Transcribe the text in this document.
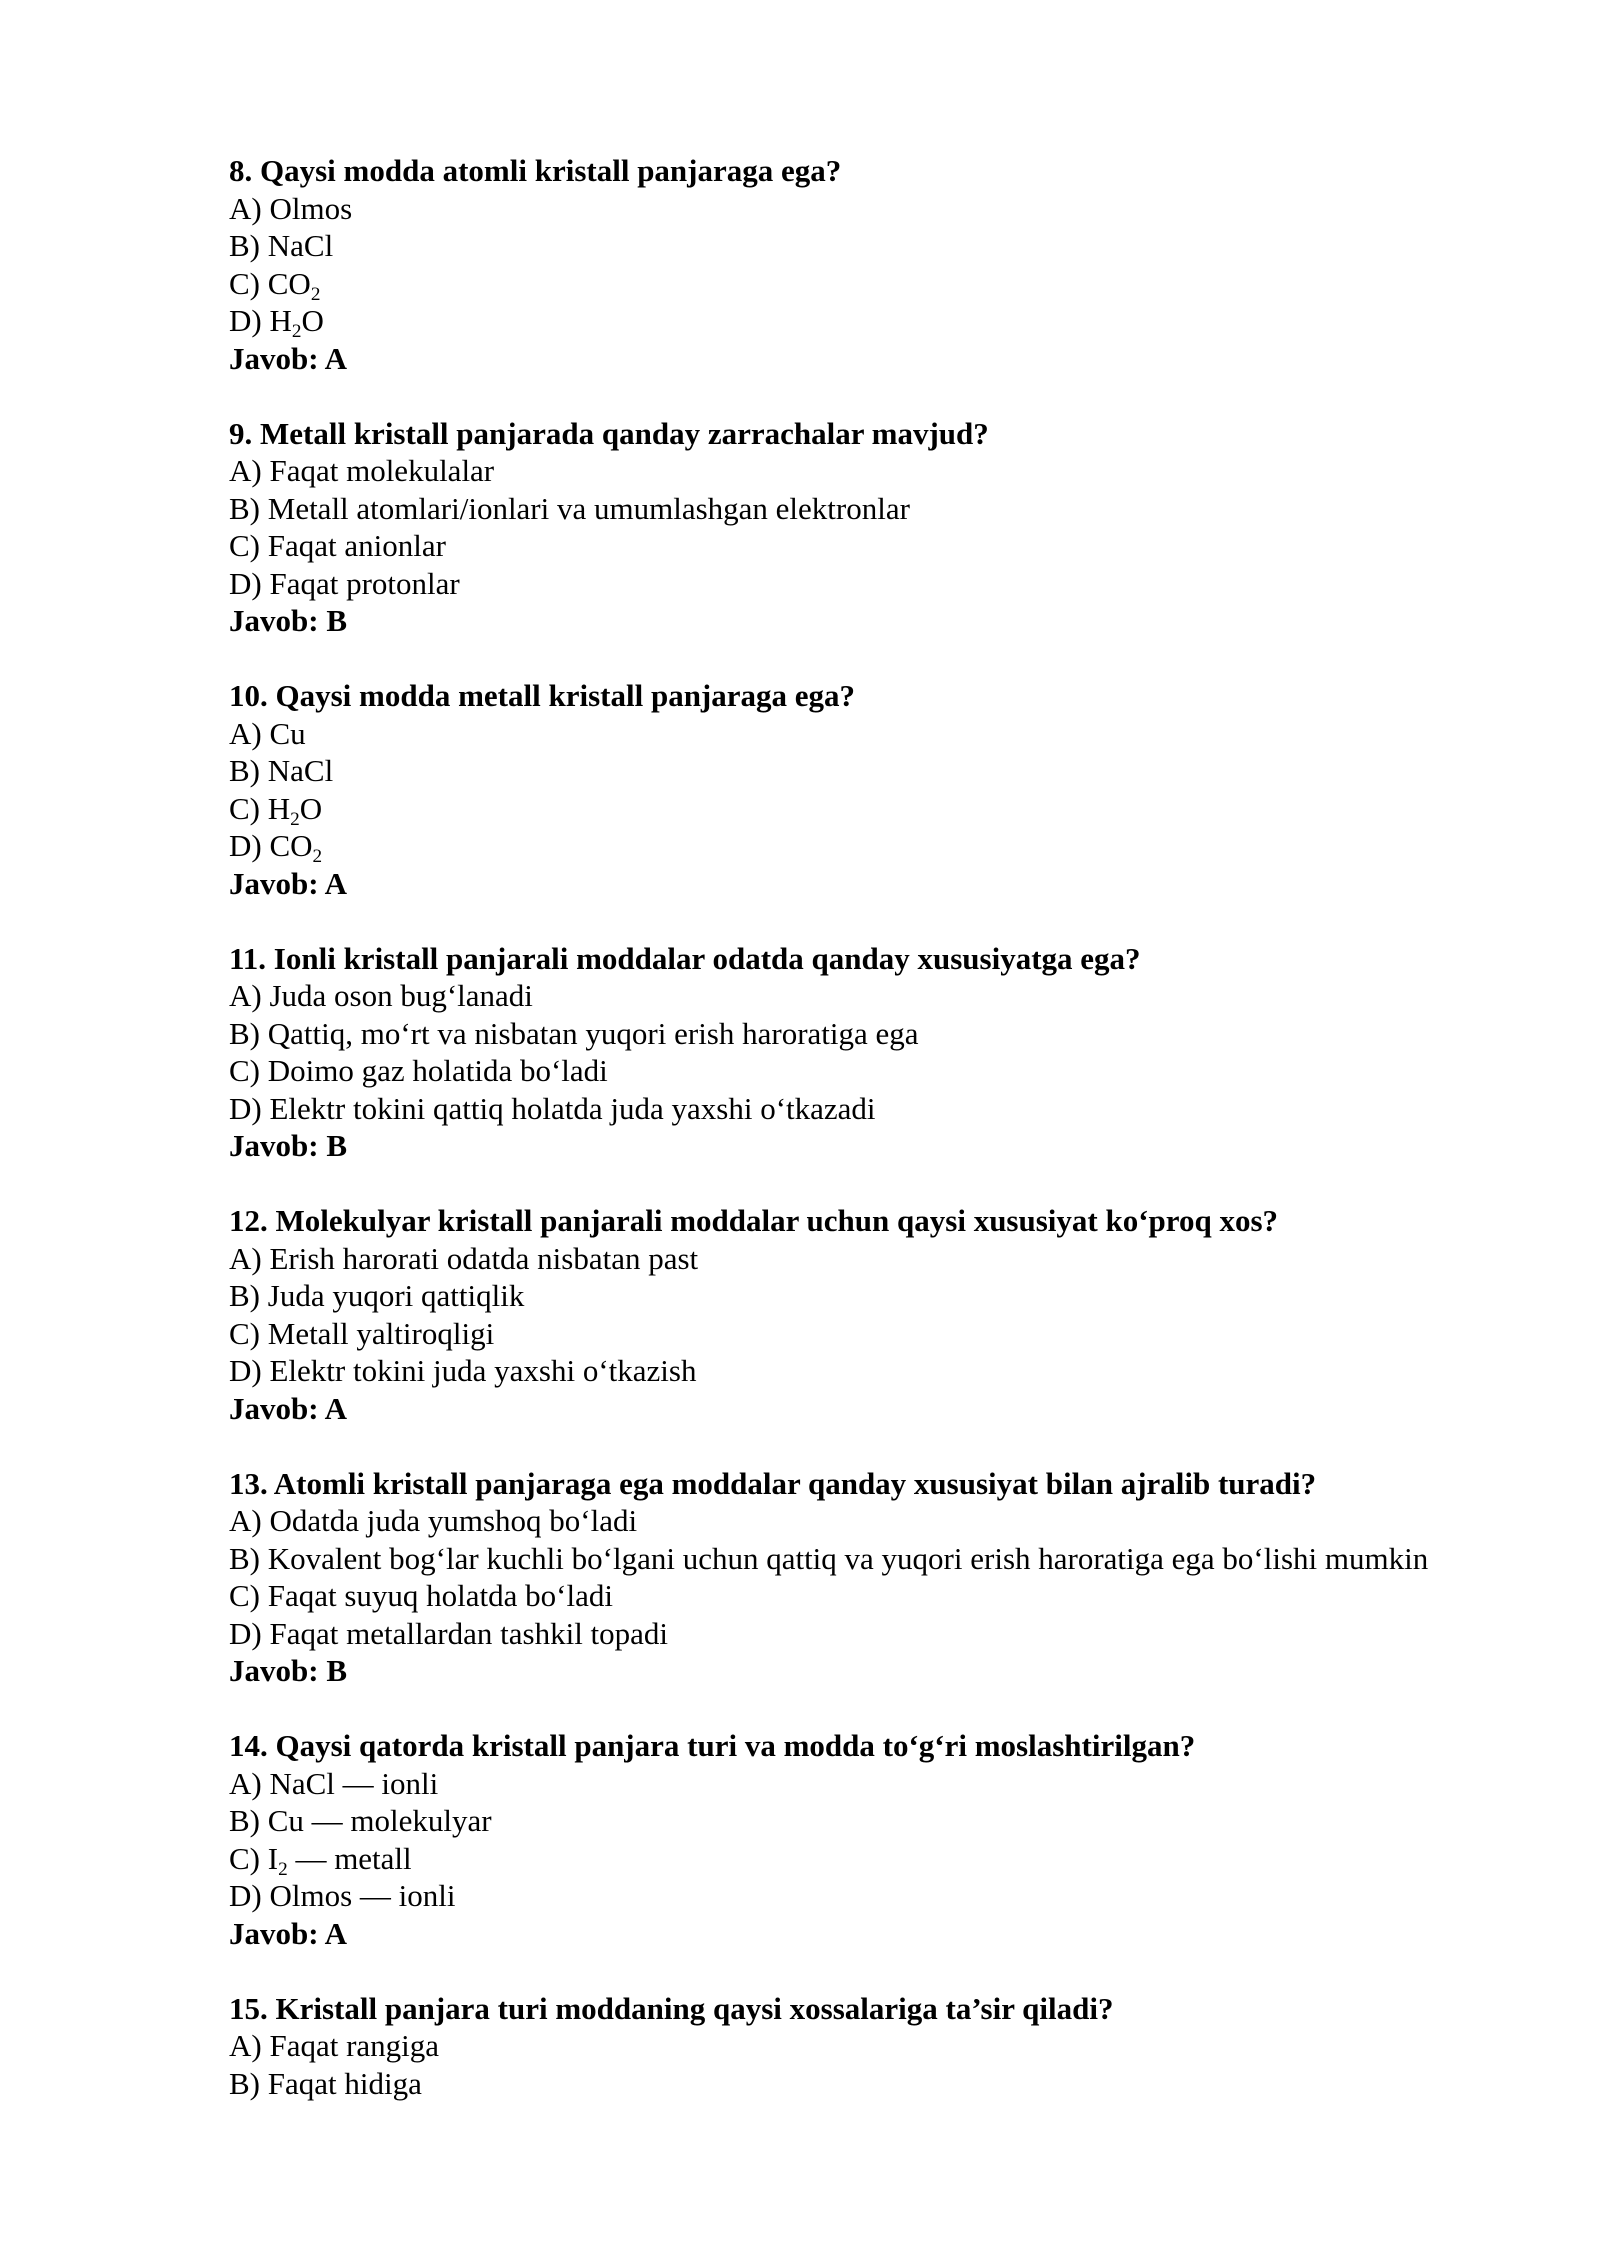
8. Qaysi modda atomli kristall panjaraga ega?
A) Olmos
B) NaCl
C) $CO_2$
D) $H_2O$
Javob: A
9. Metall kristall panjarada qanday zarrachalar mavjud?
A) Faqat molekulalar
B) Metall atomlari/ionlari va umumlashgan elektronlar
C) Faqat anionlar
D) Faqat protonlar
Javob: B
10. Qaysi modda metall kristall panjaraga ega?
A) Cu
B) NaCl
C) $H_2O$
D) $CO_2$
Javob: A
11. Ionli kristall panjarali moddalar odatda qanday xususiyatga ega?
A) Juda oson bug‘lanadi
B) Qattiq, mo‘rt va nisbatan yuqori erish haroratiga ega
C) Doimo gaz holatida bo‘ladi
D) Elektr tokini qattiq holatda juda yaxshi o‘tkazadi
Javob: B
12. Molekulyar kristall panjarali moddalar uchun qaysi xususiyat ko‘proq xos?
A) Erish harorati odatda nisbatan past
B) Juda yuqori qattiqlik
C) Metall yaltiroqligi
D) Elektr tokini juda yaxshi o‘tkazish
Javob: A
13. Atomli kristall panjaraga ega moddalar qanday xususiyat bilan ajralib turadi?
A) Odatda juda yumshoq bo‘ladi
B) Kovalent bog‘lar kuchli bo‘lgani uchun qattiq va yuqori erish haroratiga ega bo‘lishi mumkin
C) Faqat suyuq holatda bo‘ladi
D) Faqat metallardan tashkil topadi
Javob: B
14. Qaysi qatorda kristall panjara turi va modda to‘g‘ri moslashtirilgan?
A) NaCl — ionli
B) Cu — molekulyar
C) $I_2$ — metall
D) Olmos — ionli
Javob: A
15. Kristall panjara turi moddaning qaysi xossalariga ta’sir qiladi?
A) Faqat rangiga
B) Faqat hidiga
